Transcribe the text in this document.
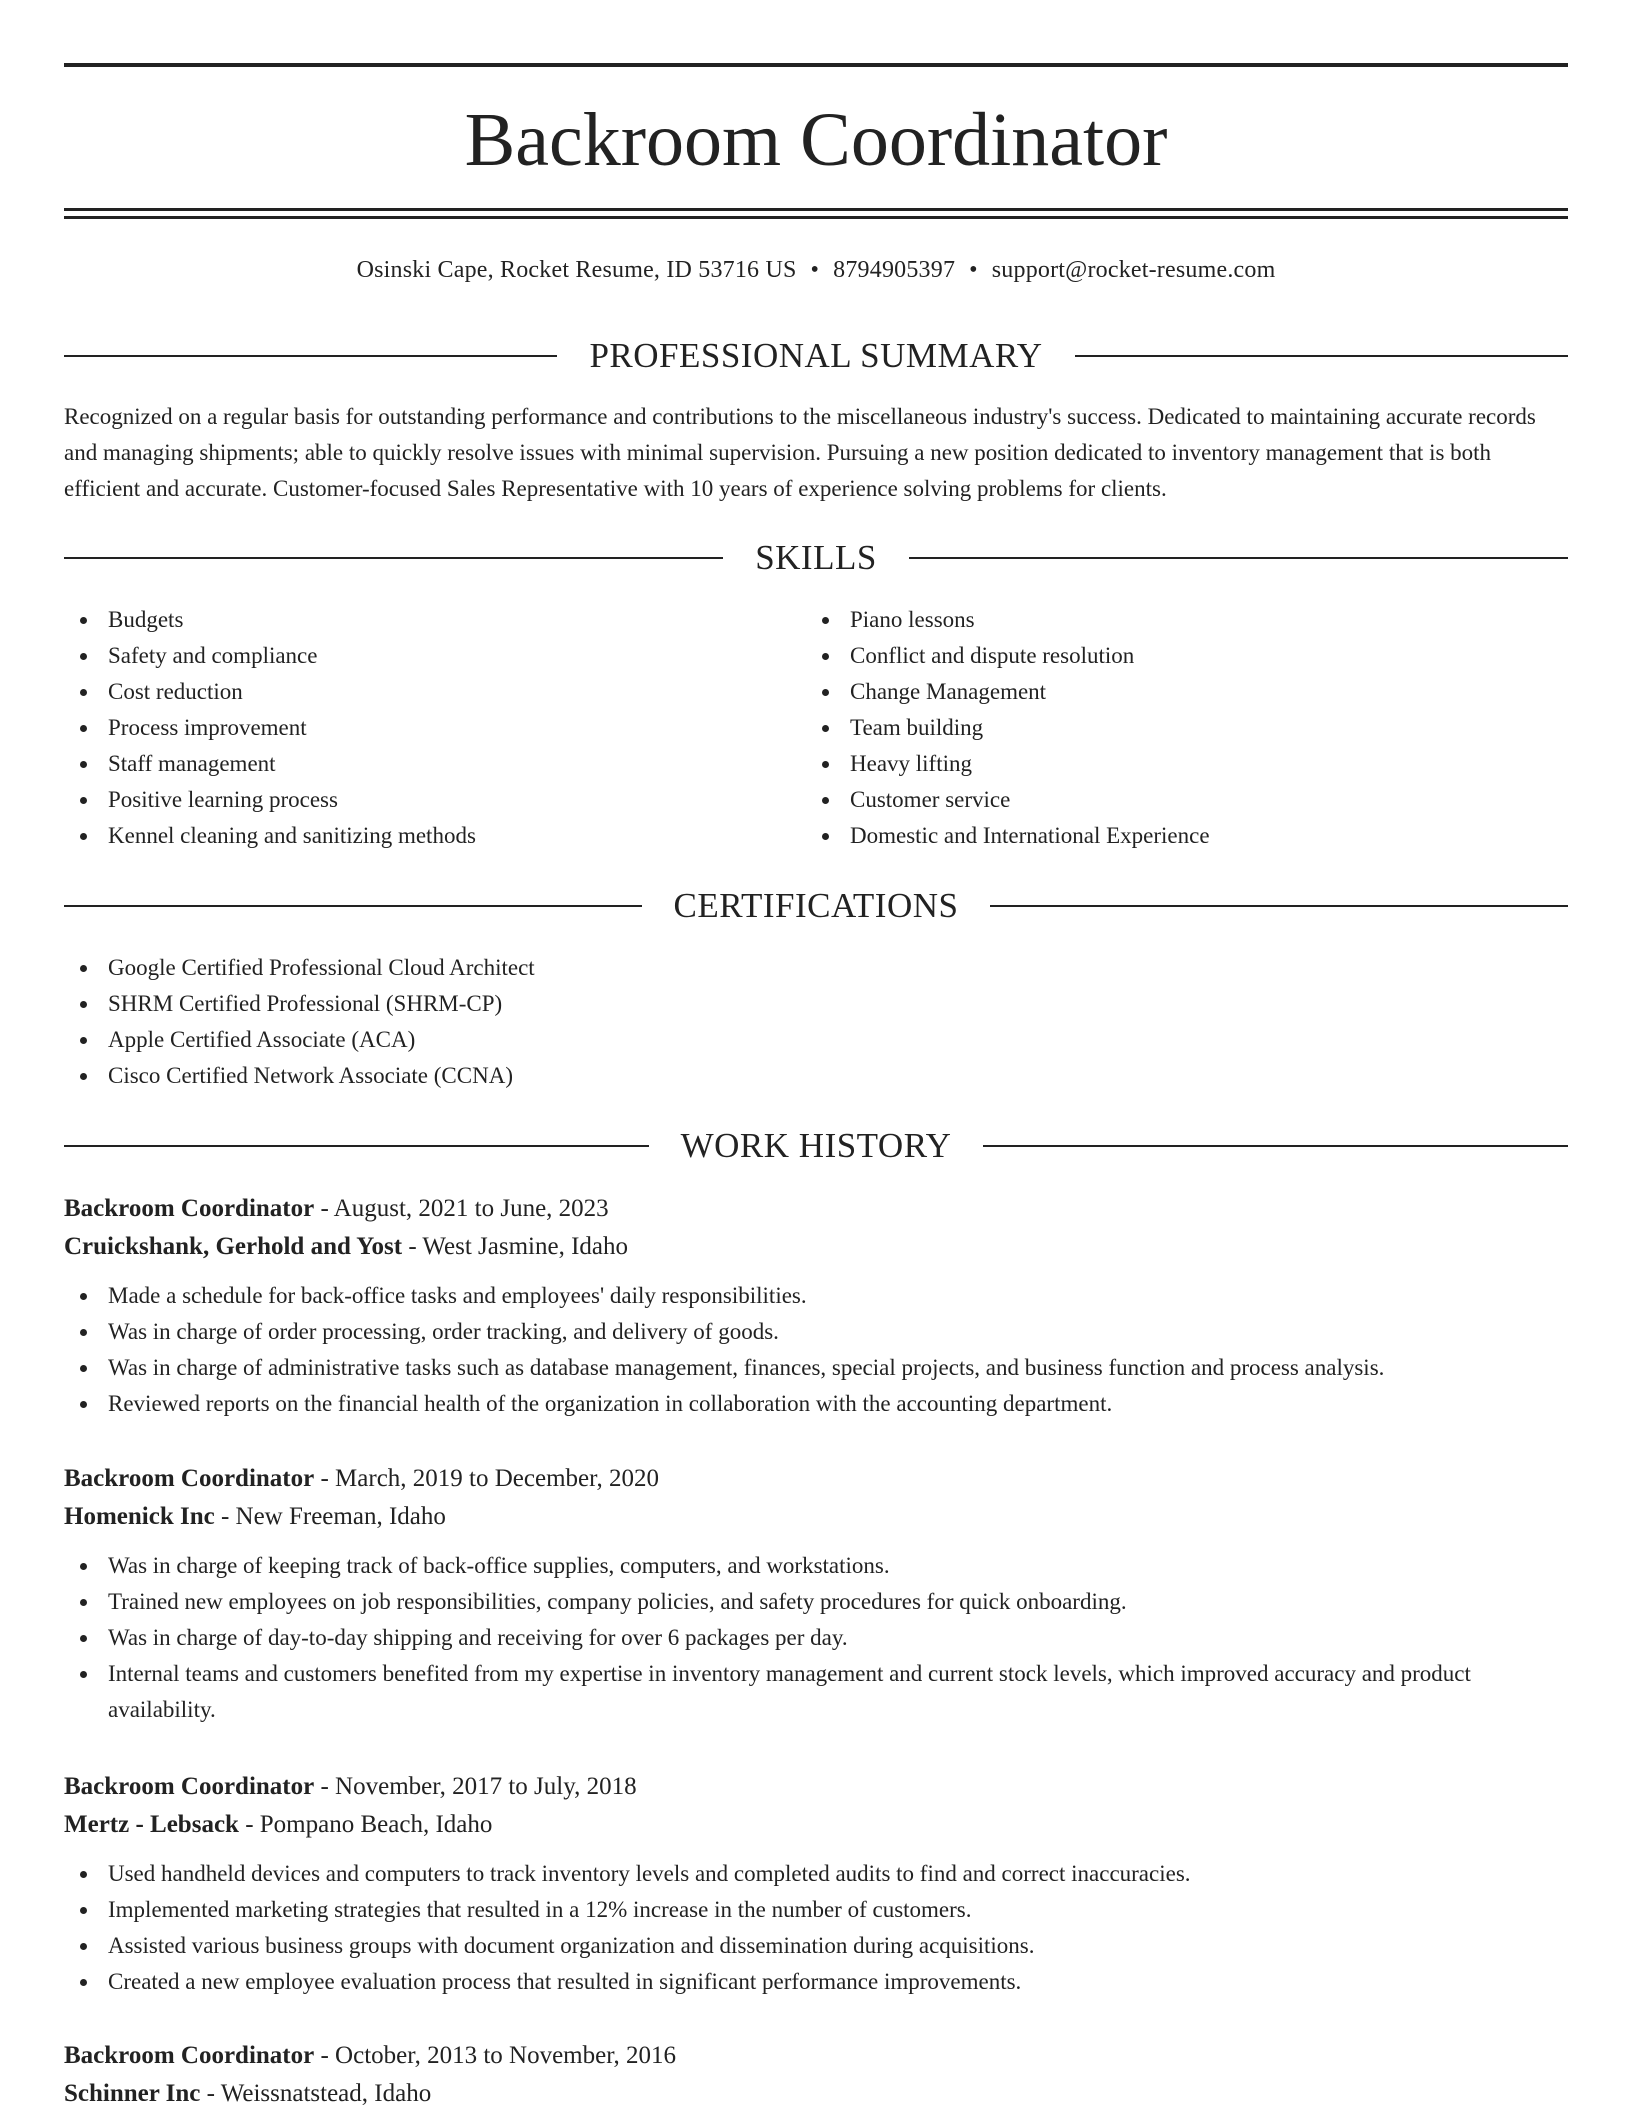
Backroom Coordinator
Osinski Cape, Rocket Resume, ID 53716 US • 8794905397 • support@rocket-resume.com
PROFESSIONAL SUMMARY

Recognized on a regular basis for outstanding performance and contributions to the miscellaneous industry's success. Dedicated to maintaining accurate records and managing shipments; able to quickly resolve issues with minimal supervision. Pursuing a new position dedicated to inventory management that is both efficient and accurate. Customer-focused Sales Representative with 10 years of experience solving problems for clients.

SKILLS
Budgets
Safety and compliance
Cost reduction
Process improvement
Staff management
Positive learning process
Kennel cleaning and sanitizing methods
Piano lessons
Conflict and dispute resolution
Change Management
Team building
Heavy lifting
Customer service
Domestic and International Experience
CERTIFICATIONS
Google Certified Professional Cloud Architect
SHRM Certified Professional (SHRM-CP)
Apple Certified Associate (ACA)
Cisco Certified Network Associate (CCNA)
WORK HISTORY
Backroom Coordinator - August, 2021 to June, 2023
Cruickshank, Gerhold and Yost - West Jasmine, Idaho
Made a schedule for back-office tasks and employees' daily responsibilities.
Was in charge of order processing, order tracking, and delivery of goods.
Was in charge of administrative tasks such as database management, finances, special projects, and business function and process analysis.
Reviewed reports on the financial health of the organization in collaboration with the accounting department.
Backroom Coordinator - March, 2019 to December, 2020
Homenick Inc - New Freeman, Idaho
Was in charge of keeping track of back-office supplies, computers, and workstations.
Trained new employees on job responsibilities, company policies, and safety procedures for quick onboarding.
Was in charge of day-to-day shipping and receiving for over 6 packages per day.
Internal teams and customers benefited from my expertise in inventory management and current stock levels, which improved accuracy and product availability.
Backroom Coordinator - November, 2017 to July, 2018
Mertz - Lebsack - Pompano Beach, Idaho
Used handheld devices and computers to track inventory levels and completed audits to find and correct inaccuracies.
Implemented marketing strategies that resulted in a 12% increase in the number of customers.
Assisted various business groups with document organization and dissemination during acquisitions.
Created a new employee evaluation process that resulted in significant performance improvements.
Backroom Coordinator - October, 2013 to November, 2016
Schinner Inc - Weissnatstead, Idaho
